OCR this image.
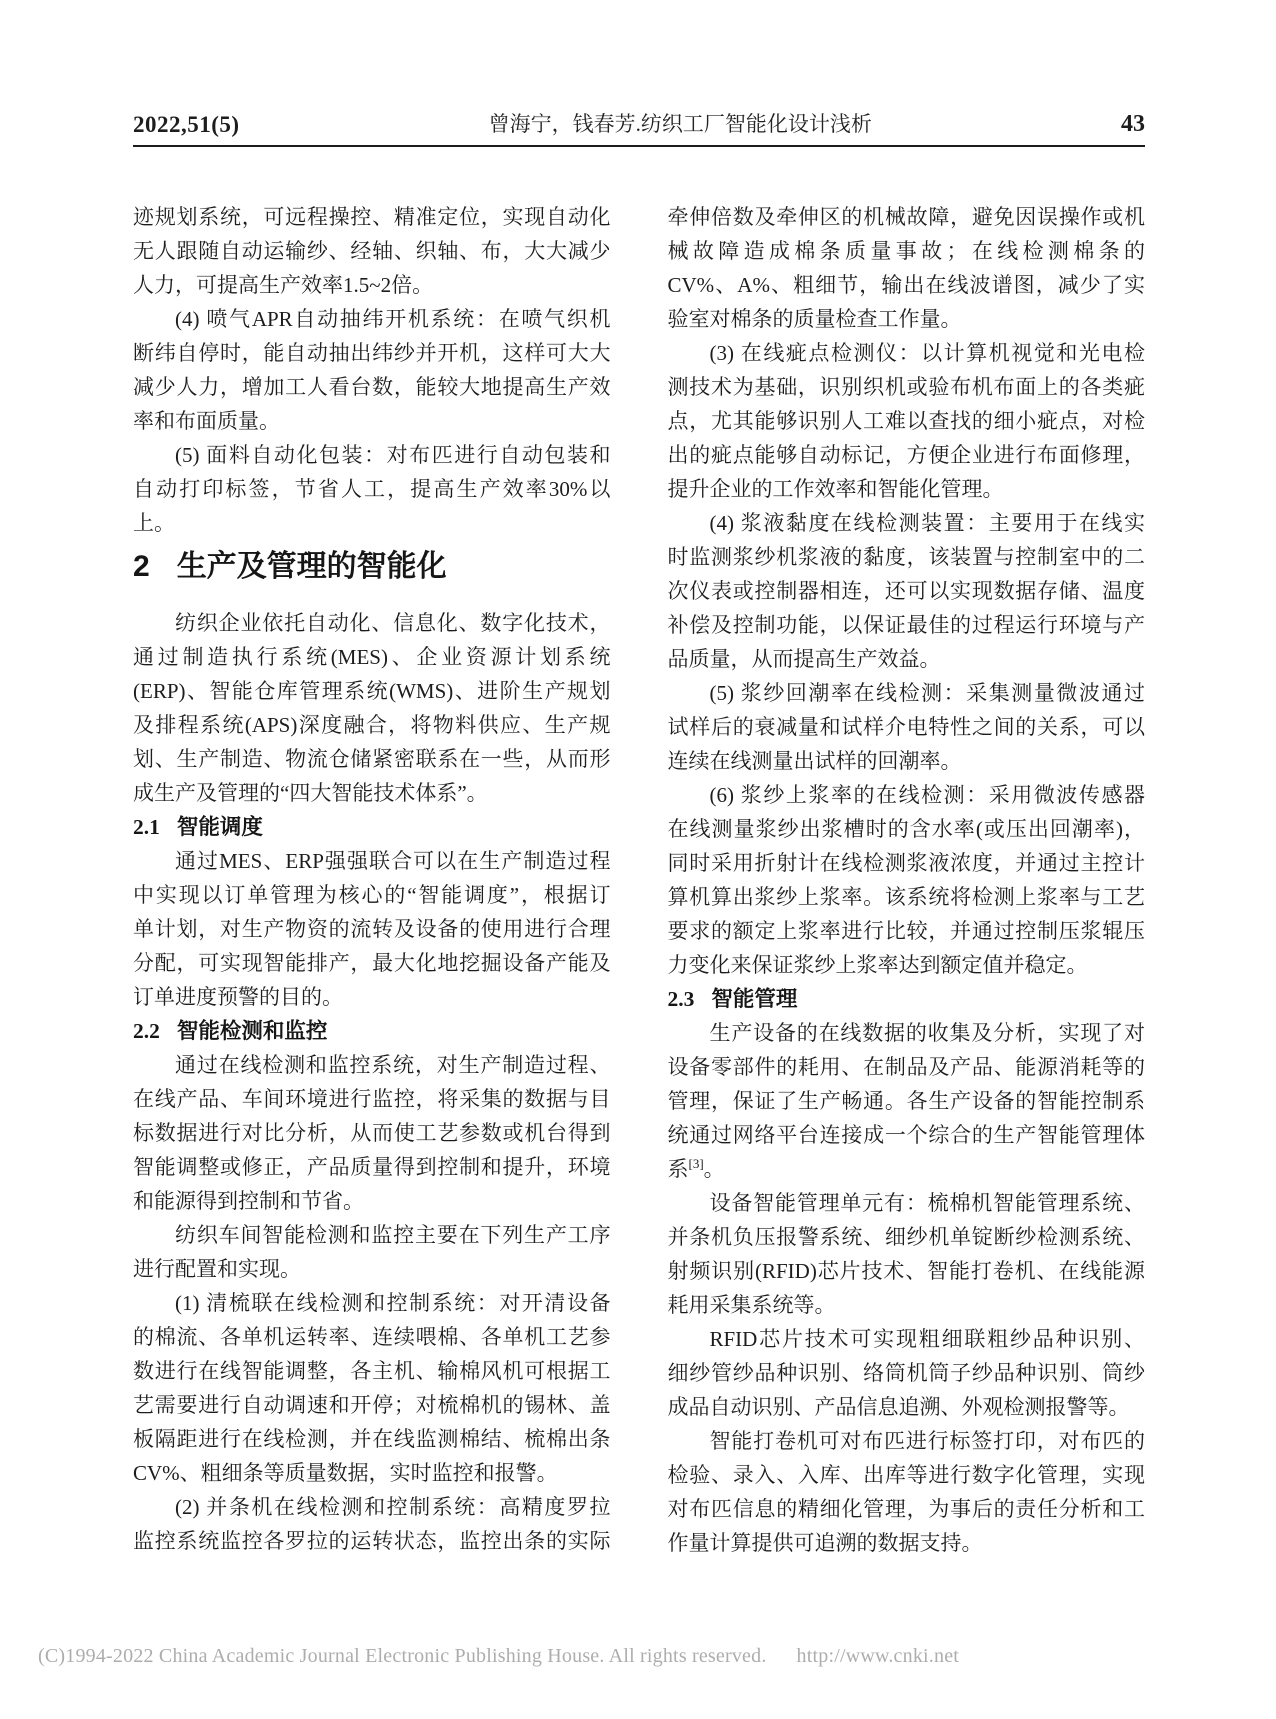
2022,51(5)	曾海宁，钱春芳.纺织工厂智能化设计浅析	43
迹规划系统，可远程操控、精准定位，实现自动化
无人跟随自动运输纱、经轴、织轴、布，大大减少
人力，可提高生产效率1.5~2倍。
(4) 喷气APR自动抽纬开机系统：在喷气织机
断纬自停时，能自动抽出纬纱并开机，这样可大大
减少人力，增加工人看台数，能较大地提高生产效
率和布面质量。
(5) 面料自动化包装：对布匹进行自动包装和
自动打印标签，节省人工，提高生产效率30%以
上。
2 生产及管理的智能化
纺织企业依托自动化、信息化、数字化技术，
通过制造执行系统(MES)、企业资源计划系统
(ERP)、智能仓库管理系统(WMS)、进阶生产规划
及排程系统(APS)深度融合，将物料供应、生产规
划、生产制造、物流仓储紧密联系在一些，从而形
成生产及管理的“四大智能技术体系”。
2.1 智能调度
通过MES、ERP强强联合可以在生产制造过程
中实现以订单管理为核心的“智能调度”，根据订
单计划，对生产物资的流转及设备的使用进行合理
分配，可实现智能排产，最大化地挖掘设备产能及
订单进度预警的目的。
2.2 智能检测和监控
通过在线检测和监控系统，对生产制造过程、
在线产品、车间环境进行监控，将采集的数据与目
标数据进行对比分析，从而使工艺参数或机台得到
智能调整或修正，产品质量得到控制和提升，环境
和能源得到控制和节省。
纺织车间智能检测和监控主要在下列生产工序
进行配置和实现。
(1) 清梳联在线检测和控制系统：对开清设备
的棉流、各单机运转率、连续喂棉、各单机工艺参
数进行在线智能调整，各主机、输棉风机可根据工
艺需要进行自动调速和开停；对梳棉机的锡林、盖
板隔距进行在线检测，并在线监测棉结、梳棉出条
CV%、粗细条等质量数据，实时监控和报警。
(2) 并条机在线检测和控制系统：高精度罗拉
监控系统监控各罗拉的运转状态，监控出条的实际
牵伸倍数及牵伸区的机械故障，避免因误操作或机
械故障造成棉条质量事故；在线检测棉条的
CV%、A%、粗细节，输出在线波谱图，减少了实
验室对棉条的质量检查工作量。
(3) 在线疵点检测仪：以计算机视觉和光电检
测技术为基础，识别织机或验布机布面上的各类疵
点，尤其能够识别人工难以查找的细小疵点，对检
出的疵点能够自动标记，方便企业进行布面修理，
提升企业的工作效率和智能化管理。
(4) 浆液黏度在线检测装置：主要用于在线实
时监测浆纱机浆液的黏度，该装置与控制室中的二
次仪表或控制器相连，还可以实现数据存储、温度
补偿及控制功能，以保证最佳的过程运行环境与产
品质量，从而提高生产效益。
(5) 浆纱回潮率在线检测：采集测量微波通过
试样后的衰减量和试样介电特性之间的关系，可以
连续在线测量出试样的回潮率。
(6) 浆纱上浆率的在线检测：采用微波传感器
在线测量浆纱出浆槽时的含水率(或压出回潮率)，
同时采用折射计在线检测浆液浓度，并通过主控计
算机算出浆纱上浆率。该系统将检测上浆率与工艺
要求的额定上浆率进行比较，并通过控制压浆辊压
力变化来保证浆纱上浆率达到额定值并稳定。
2.3 智能管理
生产设备的在线数据的收集及分析，实现了对
设备零部件的耗用、在制品及产品、能源消耗等的
管理，保证了生产畅通。各生产设备的智能控制系
统通过网络平台连接成一个综合的生产智能管理体
系[3]。
设备智能管理单元有：梳棉机智能管理系统、
并条机负压报警系统、细纱机单锭断纱检测系统、
射频识别(RFID)芯片技术、智能打卷机、在线能源
耗用采集系统等。
RFID芯片技术可实现粗细联粗纱品种识别、
细纱管纱品种识别、络筒机筒子纱品种识别、筒纱
成品自动识别、产品信息追溯、外观检测报警等。
智能打卷机可对布匹进行标签打印，对布匹的
检验、录入、入库、出库等进行数字化管理，实现
对布匹信息的精细化管理，为事后的责任分析和工
作量计算提供可追溯的数据支持。
(C)1994-2022 China Academic Journal Electronic Publishing House. All rights reserved. http://www.cnki.net
